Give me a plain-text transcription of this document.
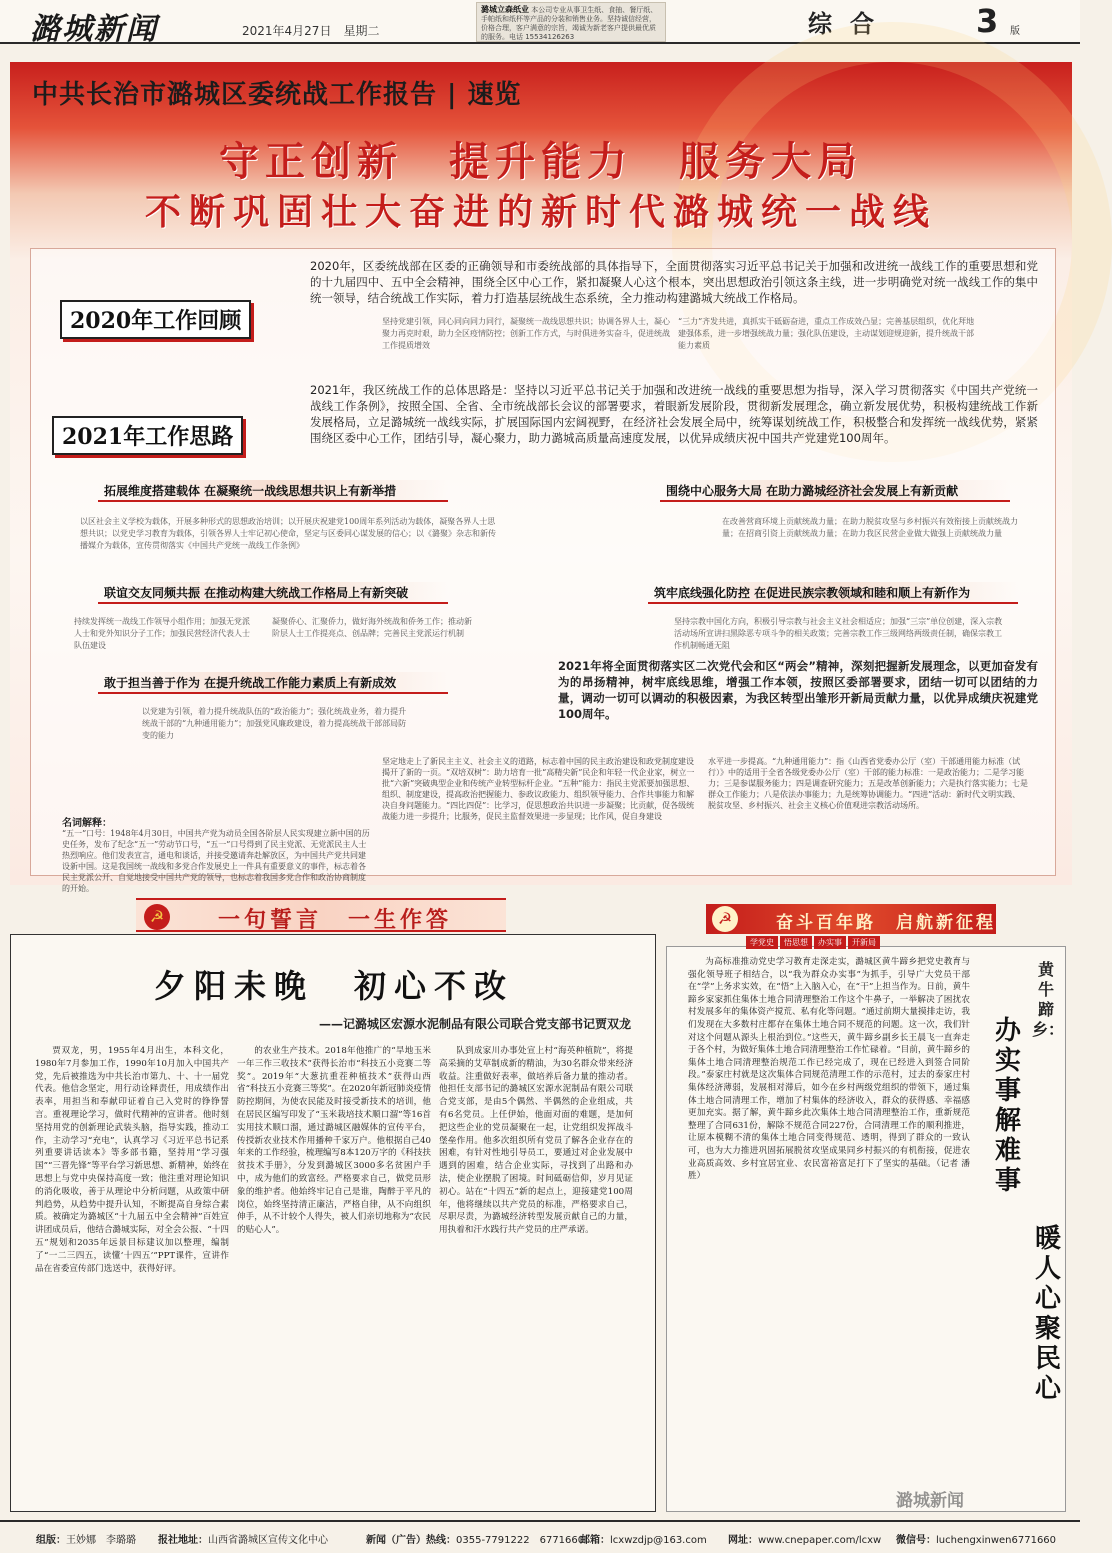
潞城新闻	2021年4月27日　星期二
潞城立森纸业 本公司专业从事卫生纸、食抽、餐厅纸、手帕纸和纸杯等产品的分装和销售业务。坚持诚信经营，价格合理，客户满意的宗旨，竭诚为新老客户提供最优质的服务。电话 15534126263	综合	3 版
中共长治市潞城区委统战工作报告 | 速览
守正创新　提升能力　服务大局
不断巩固壮大奋进的新时代潞城统一战线
2020年工作回顾
2020年，区委统战部在区委的正确领导和市委统战部的具体指导下，全面贯彻落实习近平总书记关于加强和改进统一战线工作的重要思想和党的十九届四中、五中全会精神，围绕全区中心工作，紧扣凝聚人心这个根本，突出思想政治引领这条主线，进一步明确党对统一战线工作的集中统一领导，结合统战工作实际，着力打造基层统战生态系统，全力推动构建潞城大统战工作格局。
坚持党建引领，同心同向同力同行，凝聚统一战线思想共识；协调各界人士，凝心聚力再克时艰，助力全区疫情防控；创新工作方式，与时俱进务实奋斗，促进统战工作提质增效
“三力”齐发共进，真抓实干砥砺奋进，重点工作成效凸显；完善基层组织，优化拜地建强体系，进一步增强统战力量；强化队伍建设，主动谋划迎规迎新，提升统战干部能力素质
2021年工作思路
2021年，我区统战工作的总体思路是：坚持以习近平总书记关于加强和改进统一战线的重要思想为指导，深入学习贯彻落实《中国共产党统一战线工作条例》，按照全国、全省、全市统战部长会议的部署要求，着眼新发展阶段，贯彻新发展理念，确立新发展优势，积极构建统战工作新发展格局，立足潞城统一战线实际，扩展国际国内宏阔视野，在经济社会发展全局中，统筹谋划统战工作，积极整合和发挥统一战线优势，紧紧围绕区委中心工作，团结引导，凝心聚力，助力潞城高质量高速度发展，以优异成绩庆祝中国共产党建党100周年。
拓展维度搭建载体 在凝聚统一战线思想共识上有新举措	围绕中心服务大局 在助力潞城经济社会发展上有新贡献
以区社会主义学校为载体，开展多种形式的思想政治培训；以开展庆祝建党100周年系列活动为载体，凝聚各界人士思想共识；以党史学习教育为载体，引领各界人士牢记初心使命，坚定与区委同心谋发展的信心；以《潞聚》杂志和新传播媒介为载体，宣传贯彻落实《中国共产党统一战线工作条例》
在改善营商环境上贡献统战力量；在助力脱贫攻坚与乡村振兴有效衔接上贡献统战力量；在招商引资上贡献统战力量；在助力我区民营企业做大做强上贡献统战力量
联谊交友同频共振 在推动构建大统战工作格局上有新突破	筑牢底线强化防控 在促进民族宗教领域和睦和顺上有新作为
持续发挥统一战线工作领导小组作用；加强无党派人士和党外知识分子工作；加强民营经济代表人士队伍建设
凝聚侨心、汇聚侨力，做好海外统战和侨务工作；推动新阶层人士工作提亮点、创品牌；完善民主党派运行机制
坚持宗教中国化方向，积极引导宗教与社会主义社会相适应；加强“三宗”单位创建，深入宗教活动场所宣讲扫黑除恶专项斗争的相关政策；完善宗教工作三级网络两级责任制，确保宗教工作机制畅通无阻
敢于担当善于作为 在提升统战工作能力素质上有新成效
以党建为引领，着力提升统战队伍的“政治能力”；强化统战业务，着力提升统战干部的“九种通用能力”；加强党风廉政建设，着力提高统战干部部局防变的能力
2021年将全面贯彻落实区二次党代会和区“两会”精神，深刻把握新发展理念，以更加奋发有为的昂扬精神，树牢底线思维，增强工作本领，按照区委部署要求，团结一切可以团结的力量，调动一切可以调动的积极因素，为我区转型出雏形开新局贡献力量，以优异成绩庆祝建党100周年。
名词解释：
“五一”口号：1948年4月30日，中国共产党为动员全国各阶层人民实现建立新中国的历史任务，发布了纪念“五一”劳动节口号，“五一”口号得到了民主党派、无党派民主人士热烈响应。他们发表宣言，通电和谈话，并接受邀请奔赴解放区，为中国共产党共同建设新中国。这是我国统一战线和多党合作发展史上一件具有重要意义的事件，标志着各民主党派公开、自觉地接受中国共产党的领导，也标志着我国多党合作和政治协商制度的开始。
坚定地走上了新民主主义、社会主义的道路，标志着中国的民主政治建设和政党制度建设揭开了新的一页。“双培双树”：助力培育一批“高精尖新”民企和年轻一代企业家，树立一批“六新”突破典型企业和传统产业转型标杆企业。“五种”能力：指民主党派要加强思想、组织、制度建设，提高政治把握能力、参政议政能力、组织领导能力、合作共事能力和解决自身问题能力。“四比四促”：比学习，促思想政治共识进一步凝聚；比贡献，促各级统战能力进一步提升；比服务，促民主监督效果进一步显现；比作风，促自身建设
水平进一步提高。“九种通用能力”：指《山西省党委办公厅（室）干部通用能力标准（试行）》中的适用于全省各级党委办公厅（室）干部的能力标准：一是政治能力；二是学习能力；三是参谋服务能力；四是调查研究能力；五是改革创新能力；六是执行落实能力；七是群众工作能力；八是依法办事能力；九是统筹协调能力。“四进”活动：新时代文明实践、脱贫攻坚、乡村振兴、社会主义核心价值观进宗教活动场所。
☭ 一句誓言　一生作答
夕阳未晚　初心不改
——记潞城区宏源水泥制品有限公司联合党支部书记贾双龙

贾双龙，男，1955年4月出生，本科文化，1980年7月参加工作，1990年10月加入中国共产党，先后被推选为中共长治市第九、十、十一届党代表。他信念坚定，用行动诠释责任，用成绩作出表率，用担当和奉献印证着自己入党时的铮铮誓言。重视理论学习，做时代精神的宣讲者。他时刻坚持用党的创新理论武装头脑，指导实践，推动工作，主动学习“充电”，认真学习《习近平总书记系列重要讲话读本》等多部书籍，坚持用“学习强国”“三晋先锋”等平台学习新思想、新精神，始终在思想上与党中央保持高度一致；他注重对理论知识的消化吸收，善于从理论中分析问题，从政策中研判趋势，从趋势中提升认知，不断提高自身综合素质。被确定为潞城区“十九届五中全会精神”百姓宣讲团成员后，他结合潞城实际，对全会公报、“十四五”规划和2035年远景目标建议加以整理，编制了“一二三四五，读懂‘十四五’”PPT课件，宣讲作品在省委宣传部门选送中，获得好评。

的农业生产技术。2018年他推广的“旱地玉米一年三作三收技术”获得长治市“科技五小竞赛二等奖”。2019年“大葱抗重茬种植技术”获得山西省“科技五小竞赛三等奖”。在2020年新冠肺炎疫情防控期间，为使农民能及时接受新技术的培训，他在居民区编写印发了“玉米栽培技术顺口溜”等16首实用技术顺口溜，通过潞城区融媒体的宣传平台，传授新农业技术作用播种千家万户。他根据自己40年来的工作经验，梳理编写8本120万字的《科技扶贫技术手册》，分发到潞城区3000多名贫困户手中，成为他们的致富经。严格要求自己，做党员形象的维护者。他始终牢记自己是谁，陶醉于平凡的岗位，始终坚持清正廉洁，严格自律，从不向组织伸手，从不计较个人得失，被人们亲切地称为“农民的贴心人”。

队到成家川办事处宣上村“海英种植院”，将提高采摘的艾草制成新的精油，为30名群众带来经济收益。注重做好表率，做培养后备力量的推动者。他担任支部书记的潞城区宏源水泥制品有限公司联合党支部，是由5个偶然、半偶然的企业组成，共有6名党员。上任伊始，他面对面的难题，是加何把这些企业的党员凝聚在一起，让党组织发挥战斗堡垒作用。他多次组织所有党员了解各企业存在的困难，有针对性地引导员工，要通过对企业发展中遇到的困难，结合企业实际，寻找到了出路和办法，使企业摆脱了困境。时间砥砺信仰，岁月见证初心。站在“十四五”新的起点上，迎接建党100周年，他将继续以共产党员的标准，严格要求自己，尽职尽责，为潞城经济转型发展贡献自己的力量，用执着和汗水践行共产党员的庄严承诺。

☭	奋斗百年路　启航新征程
学党史 悟思想 办实事 开新局

为高标准推动党史学习教育走深走实，潞城区黄牛蹄乡把党史教育与强化领导班子相结合，以“我为群众办实事”为抓手，引导广大党员干部在“学”上务求实效，在“悟”上入脑入心，在“干”上担当作为。日前，黄牛蹄乡家家抓住集体土地合同清理整治工作这个牛鼻子，一举解决了困扰农村发展多年的集体资产搅荒、私有化等问题。“通过前期大量摸排走访，我们发现在大多数村庄都存在集体土地合同不规范的问题。这一次，我们针对这个问题从源头上根治到位。”这些天，黄牛蹄乡副乡长王晨飞一直奔走于各个村，为做好集体土地合同清理整治工作忙碌着。“目前，黄牛蹄乡的集体土地合同清理整治规范工作已经完成了，现在已经进入到签合同阶段。”泰家庄村就是这次集体合同规范清理工作的示范村，过去的泰家庄村集体经济薄弱，发展相对滞后，如今在乡村两级党组织的带领下，通过集体土地合同清理工作，增加了村集体的经济收入，群众的获得感、幸福感更加充实。据了解，黄牛蹄乡此次集体土地合同清理整治工作，重新规范整理了合同631份，解除不规范合同227份，合同清理工作的顺利推进，让原本模糊不清的集体土地合同变得规范、透明，得到了群众的一致认可，也为大力推进巩固拓展脱贫攻坚成果同乡村振兴的有机衔接，促进农业高质高效、乡村宜居宜业、农民富裕富足打下了坚实的基础。（记者 潘胜）

黄牛蹄乡：
办实事解难事
暖人心聚民心
潞城新闻
组版：王妙娜　李璐璐 报社地址：山西省潞城区宣传文化中心	新闻（广告）热线：0355-7791222　6771660
邮箱：lcxwzdjp@163.com 网址：www.cnepaper.com/lcxw 微信号：luchengxinwen6771660
